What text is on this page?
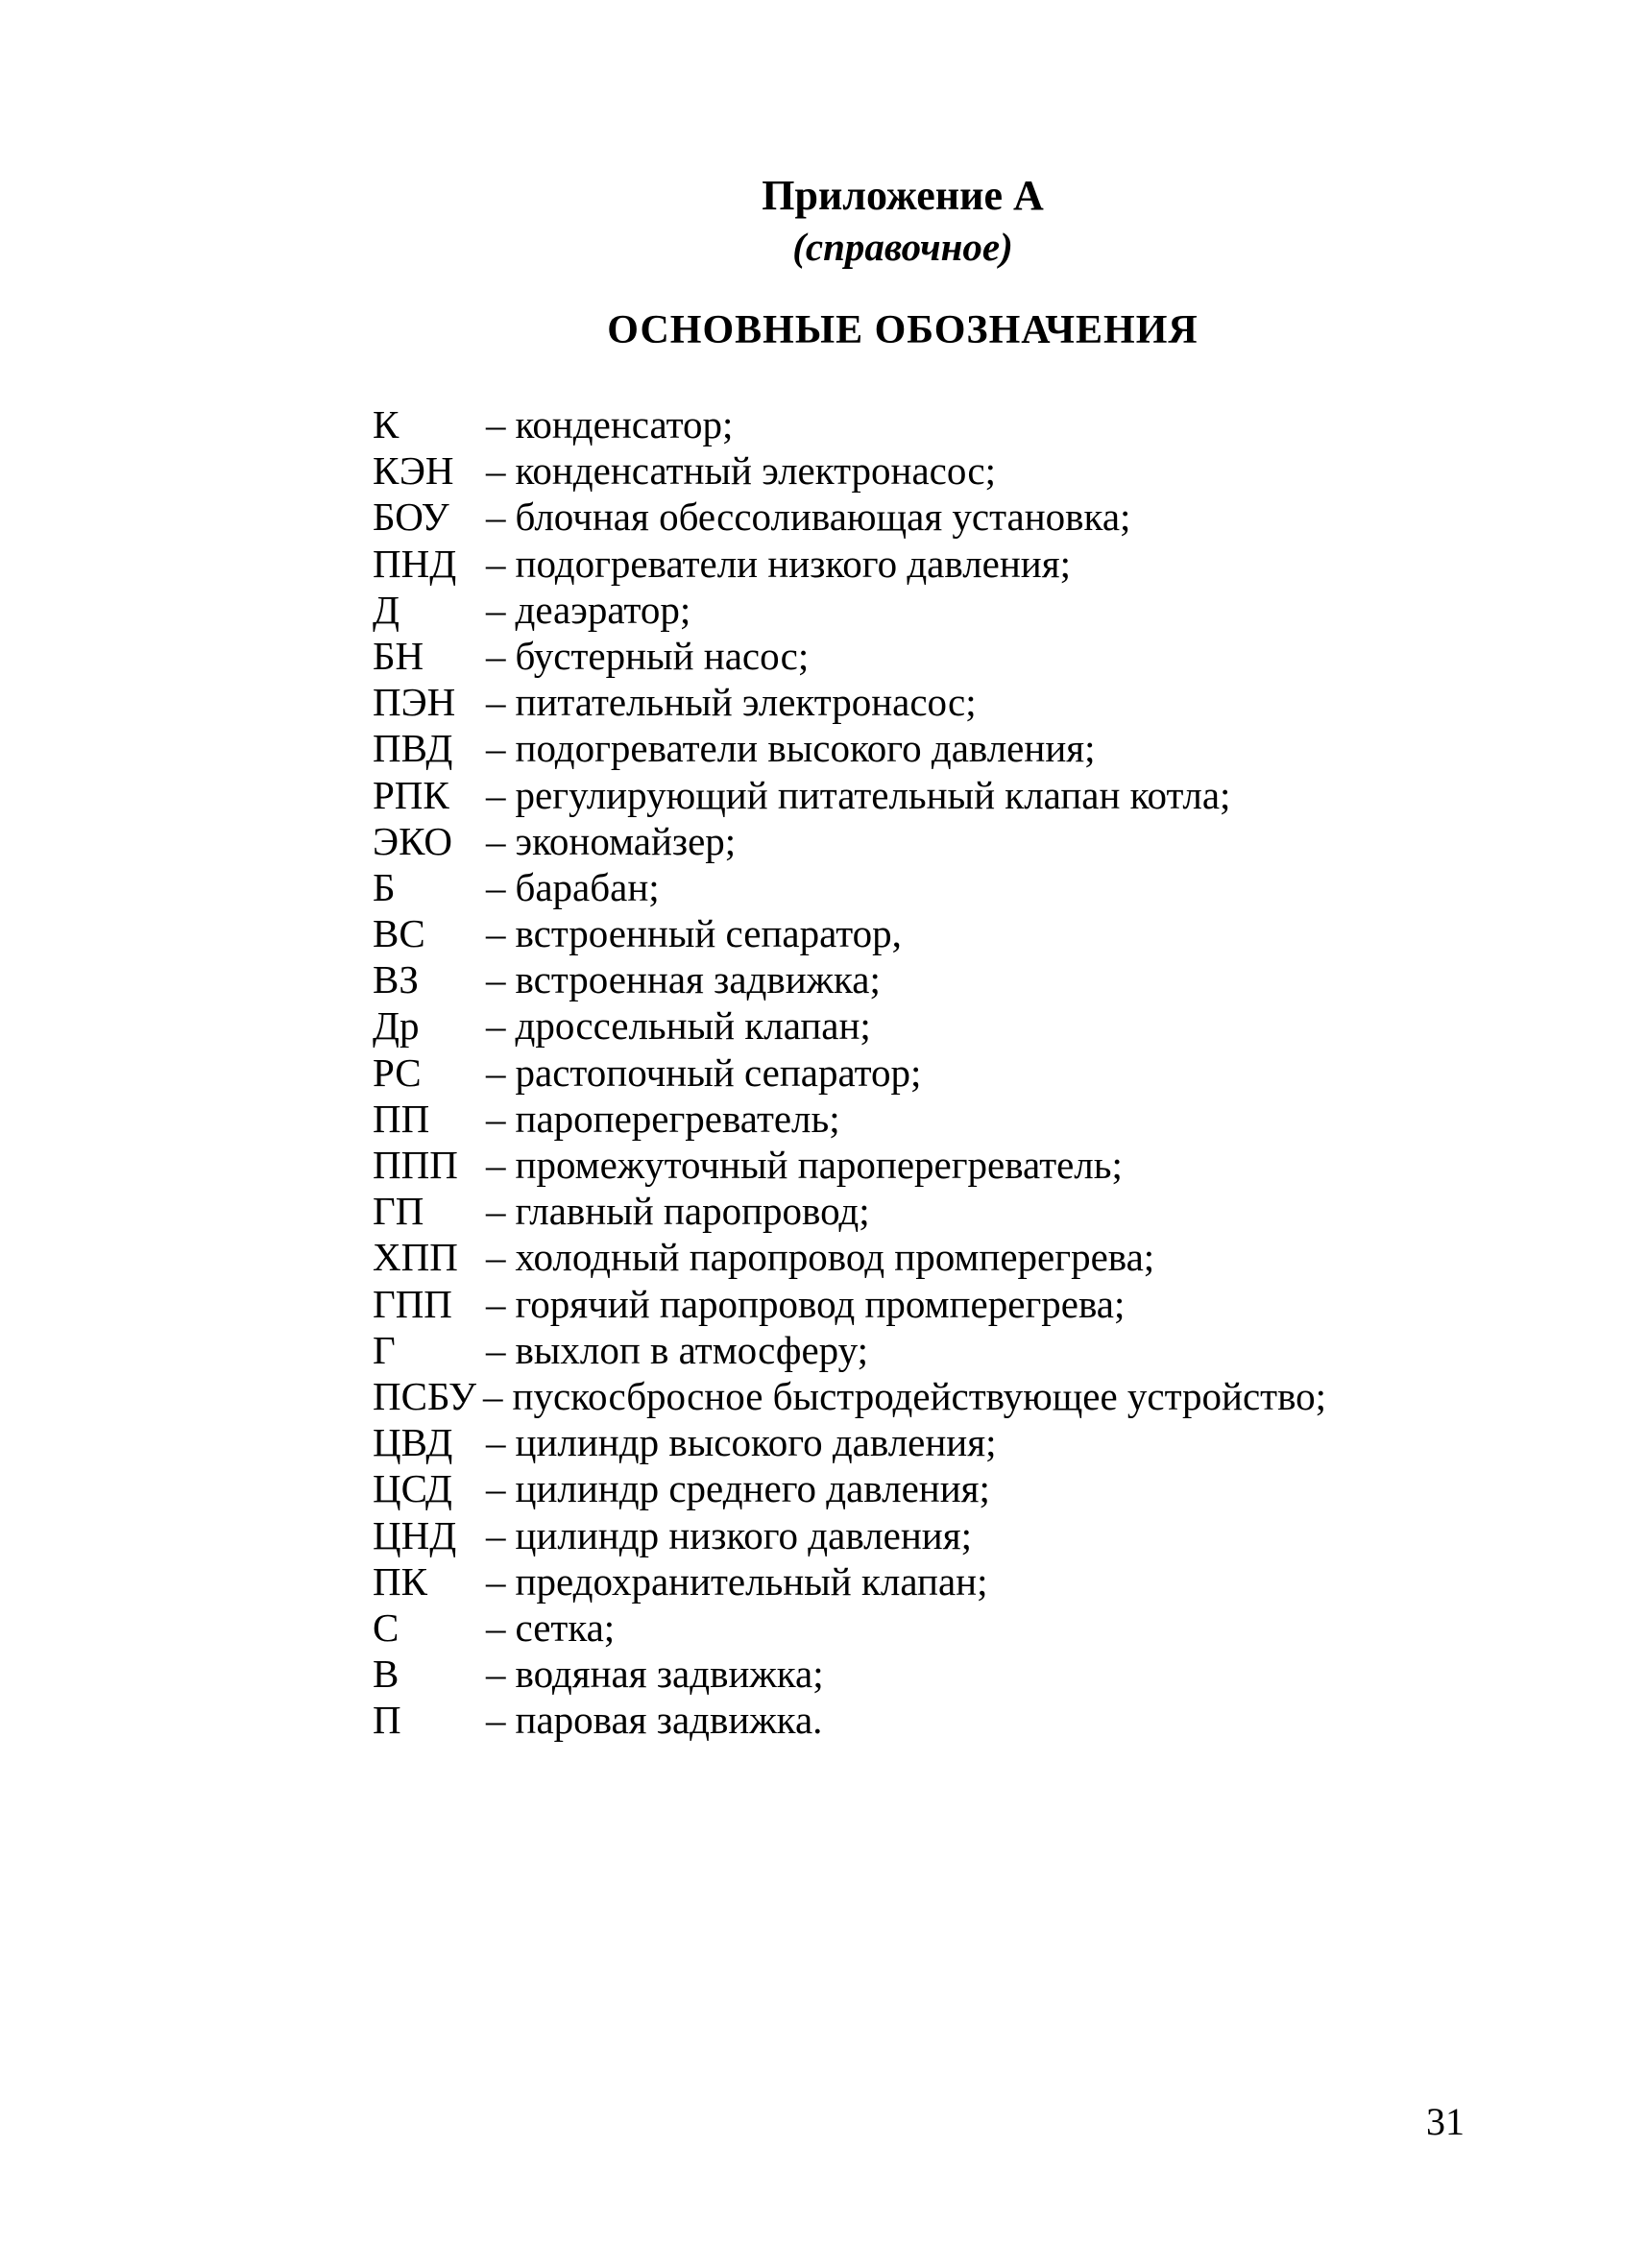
Приложение А
(справочное)
ОСНОВНЫЕ ОБОЗНАЧЕНИЯ
К – конденсатор;
КЭН – конденсатный электронасос;
БОУ – блочная обессоливающая установка;
ПНД – подогреватели низкого давления;
Д – деаэратор;
БН – бустерный насос;
ПЭН – питательный электронасос;
ПВД – подогреватели высокого давления;
РПК – регулирующий питательный клапан котла;
ЭКО – экономайзер;
Б – барабан;
ВС – встроенный сепаратор,
ВЗ – встроенная задвижка;
Др – дроссельный клапан;
РС – растопочный сепаратор;
ПП – пароперегреватель;
ППП – промежуточный пароперегреватель;
ГП – главный паропровод;
ХПП – холодный паропровод промперегрева;
ГПП – горячий паропровод промперегрева;
Г – выхлоп в атмосферу;
ПСБУ – пускосбросное быстродействующее устройство;
ЦВД – цилиндр высокого давления;
ЦСД – цилиндр среднего давления;
ЦНД – цилиндр низкого давления;
ПК – предохранительный клапан;
С – сетка;
В – водяная задвижка;
П – паровая задвижка.
31
